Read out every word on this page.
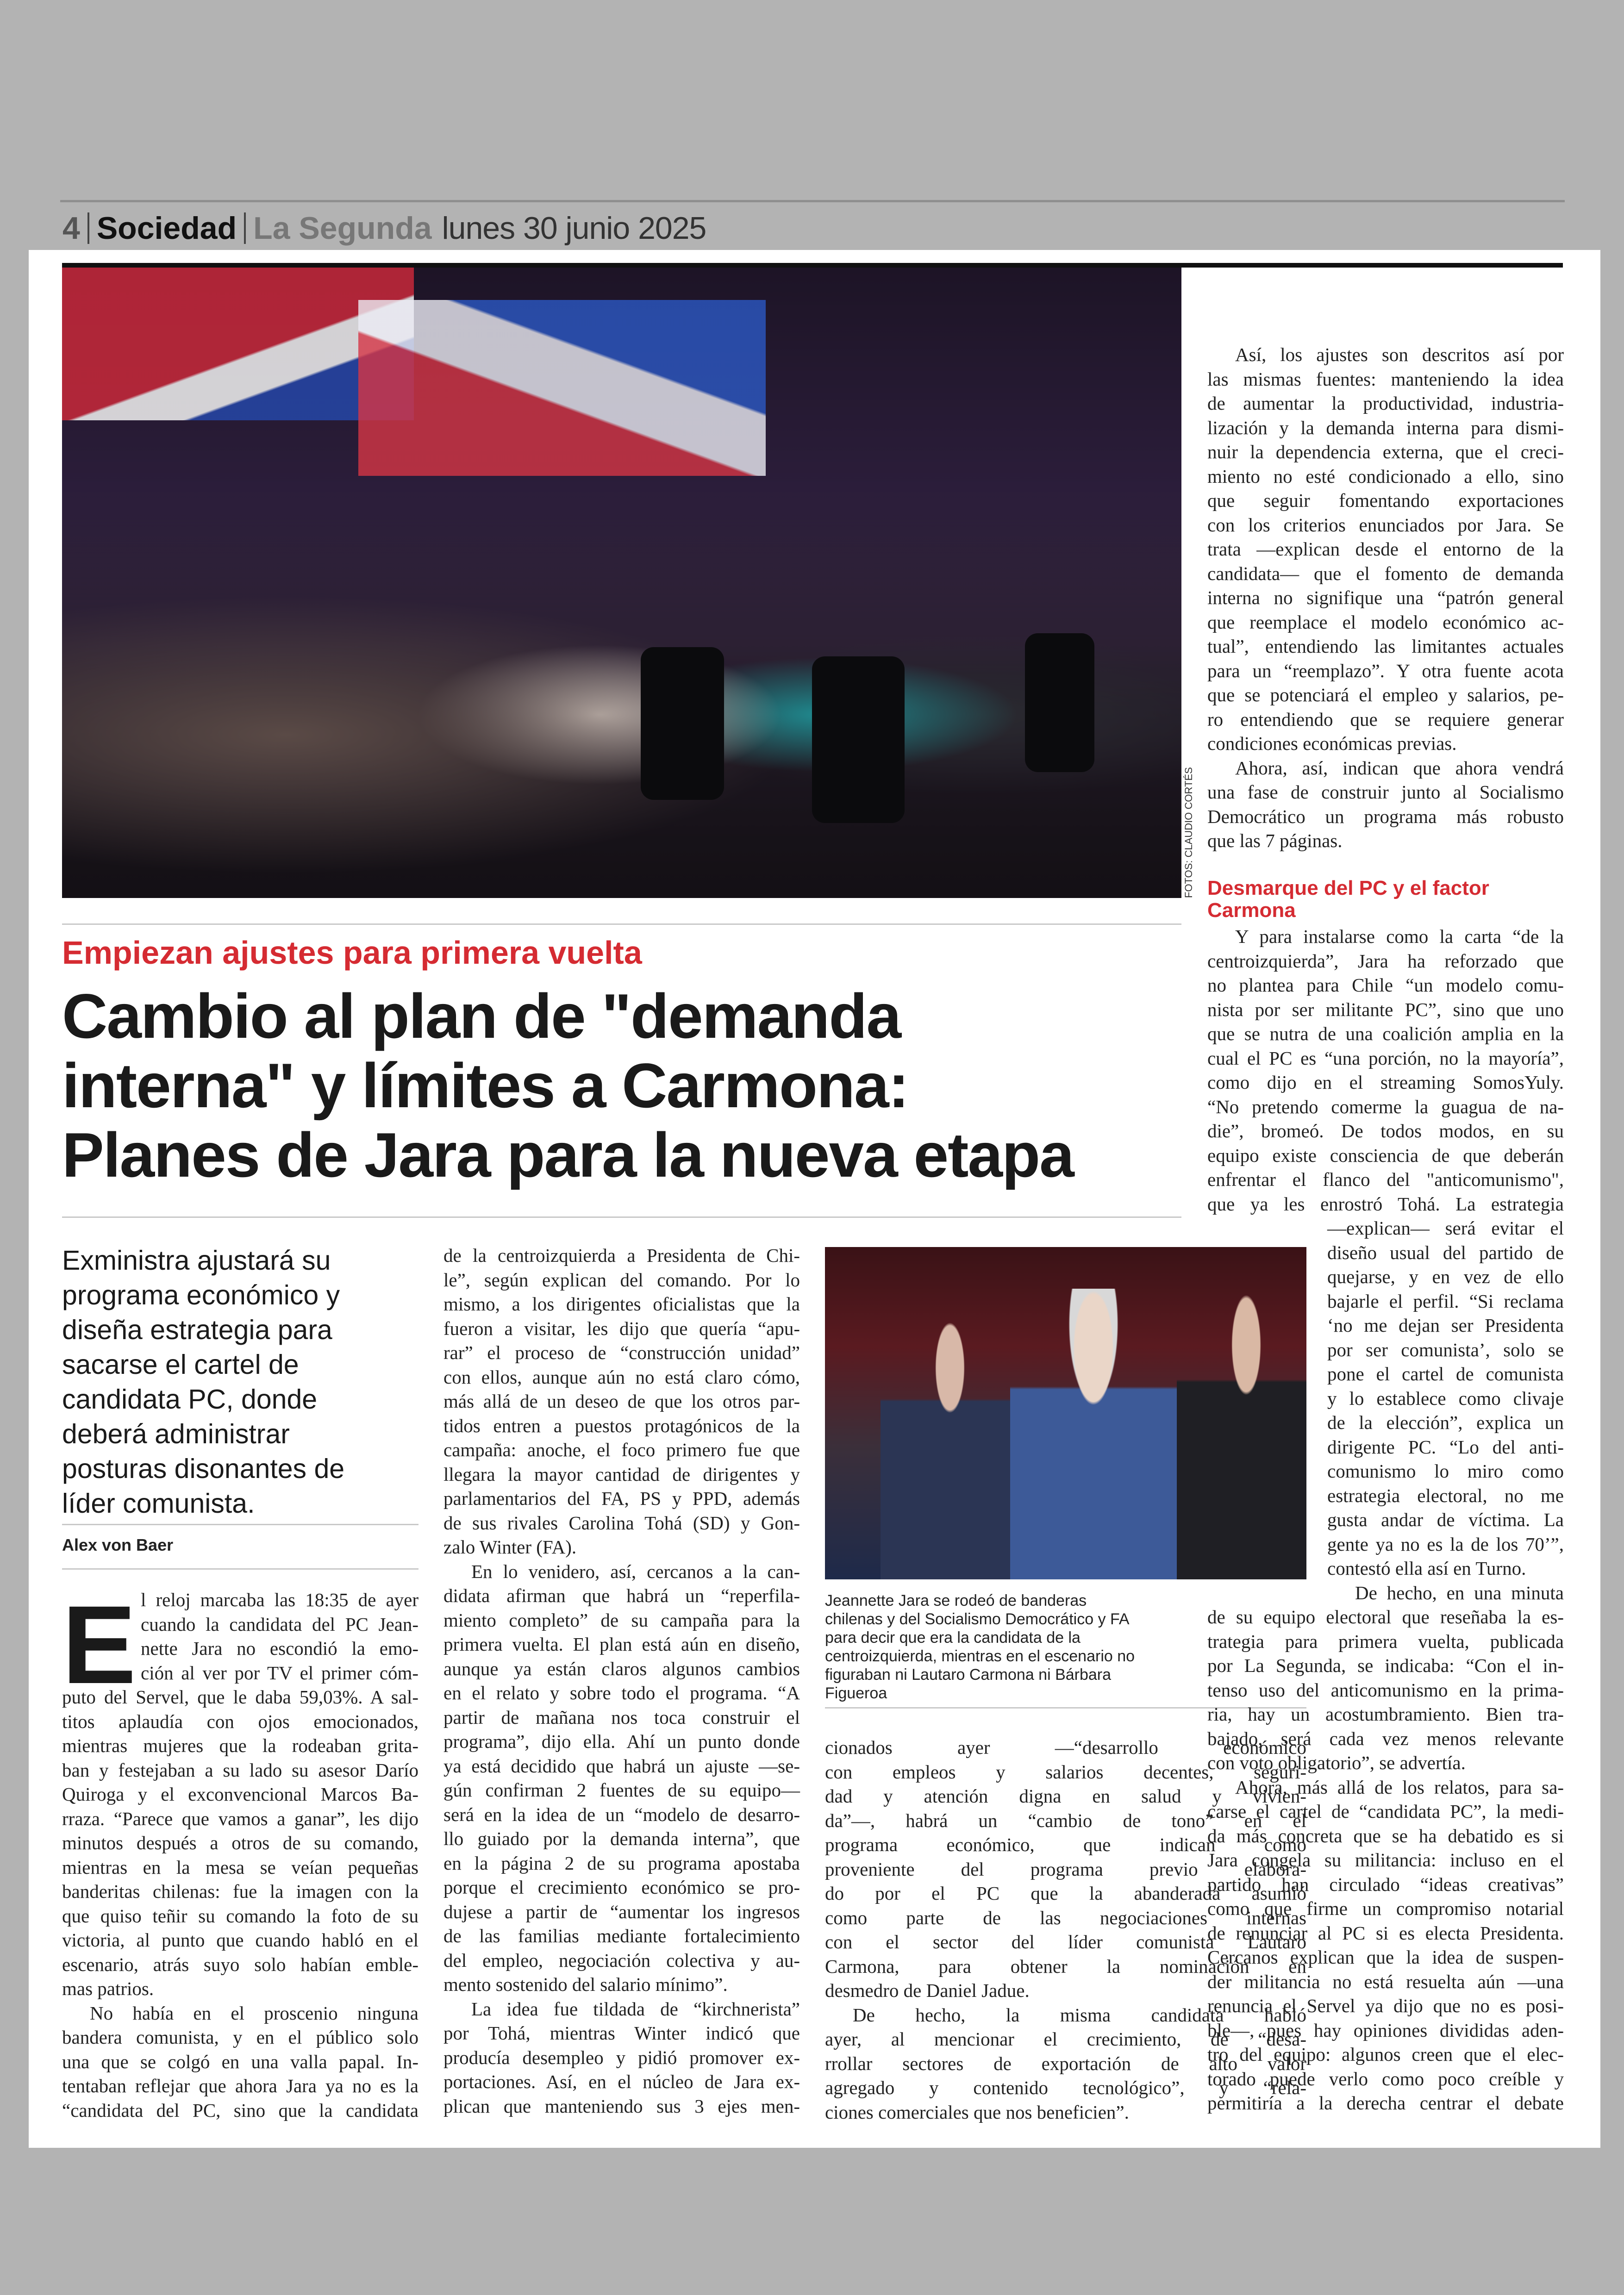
4 Sociedad La Segunda lunes 30 junio 2025
FOTOS: CLAUDIO CORTÉS
Empiezan ajustes para primera vuelta
Cambio al plan de "demanda
interna" y límites a Carmona:
Planes de Jara para la nueva etapa
Exministra ajustará su
programa económico y
diseña estrategia para
sacarse el cartel de
candidata PC, donde
deberá administrar
posturas disonantes de
líder comunista.
Alex von Baer
E l reloj marcaba las 18:35 de ayer
cuando la candidata del PC Jean-
nette Jara no escondió la emo-
ción al ver por TV el primer cóm-
puto del Servel, que le daba 59,03%. A sal-
titos aplaudía con ojos emocionados,
mientras mujeres que la rodeaban grita-
ban y festejaban a su lado su asesor Darío
Quiroga y el exconvencional Marcos Ba-
rraza. “Parece que vamos a ganar”, les dijo
minutos después a otros de su comando,
mientras en la mesa se veían pequeñas
banderitas chilenas: fue la imagen con la
que quiso teñir su comando la foto de su
victoria, al punto que cuando habló en el
escenario, atrás suyo solo habían emble-
mas patrios.
No había en el proscenio ninguna
bandera comunista, y en el público solo
una que se colgó en una valla papal. In-
tentaban reflejar que ahora Jara ya no es la
“candidata del PC, sino que la candidata
de la centroizquierda a Presidenta de Chi-
le”, según explican del comando. Por lo
mismo, a los dirigentes oficialistas que la
fueron a visitar, les dijo que quería “apu-
rar” el proceso de “construcción unidad”
con ellos, aunque aún no está claro cómo,
más allá de un deseo de que los otros par-
tidos entren a puestos protagónicos de la
campaña: anoche, el foco primero fue que
llegara la mayor cantidad de dirigentes y
parlamentarios del FA, PS y PPD, además
de sus rivales Carolina Tohá (SD) y Gon-
zalo Winter (FA).
En lo venidero, así, cercanos a la can-
didata afirman que habrá un “reperfila-
miento completo” de su campaña para la
primera vuelta. El plan está aún en diseño,
aunque ya están claros algunos cambios
en el relato y sobre todo el programa. “A
partir de mañana nos toca construir el
programa”, dijo ella. Ahí un punto donde
ya está decidido que habrá un ajuste —se-
gún confirman 2 fuentes de su equipo—
será en la idea de un “modelo de desarro-
llo guiado por la demanda interna”, que
en la página 2 de su programa apostaba
porque el crecimiento económico se pro-
dujese a partir de “aumentar los ingresos
de las familias mediante fortalecimiento
del empleo, negociación colectiva y au-
mento sostenido del salario mínimo”.
La idea fue tildada de “kirchnerista”
por Tohá, mientras Winter indicó que
producía desempleo y pidió promover ex-
portaciones. Así, en el núcleo de Jara ex-
plican que manteniendo sus 3 ejes men-
Jeannette Jara se rodeó de banderas
chilenas y del Socialismo Democrático y FA
para decir que era la candidata de la
centroizquierda, mientras en el escenario no
figuraban ni Lautaro Carmona ni Bárbara
Figueroa
cionados ayer —“desarrollo económico
con empleos y salarios decentes, seguri-
dad y atención digna en salud y vivien-
da”—, habrá un “cambio de tono” en el
programa económico, que indican como
proveniente del programa previo elabora-
do por el PC que la abanderada asumió
como parte de las negociaciones internas
con el sector del líder comunista Lautaro
Carmona, para obtener la nominación en
desmedro de Daniel Jadue.
De hecho, la misma candidata habló
ayer, al mencionar el crecimiento, de “desa-
rrollar sectores de exportación de alto valor
agregado y contenido tecnológico”, y “rela-
ciones comerciales que nos beneficien”.
Así, los ajustes son descritos así por
las mismas fuentes: manteniendo la idea
de aumentar la productividad, industria-
lización y la demanda interna para dismi-
nuir la dependencia externa, que el creci-
miento no esté condicionado a ello, sino
que seguir fomentando exportaciones
con los criterios enunciados por Jara. Se
trata —explican desde el entorno de la
candidata— que el fomento de demanda
interna no signifique una “patrón general
que reemplace el modelo económico ac-
tual”, entendiendo las limitantes actuales
para un “reemplazo”. Y otra fuente acota
que se potenciará el empleo y salarios, pe-
ro entendiendo que se requiere generar
condiciones económicas previas.
Ahora, así, indican que ahora vendrá
una fase de construir junto al Socialismo
Democrático un programa más robusto
que las 7 páginas.
Desmarque del PC y el factor
Carmona
Y para instalarse como la carta “de la
centroizquierda”, Jara ha reforzado que
no plantea para Chile “un modelo comu-
nista por ser militante PC”, sino que uno
que se nutra de una coalición amplia en la
cual el PC es “una porción, no la mayoría”,
como dijo en el streaming SomosYuly.
“No pretendo comerme la guagua de na-
die”, bromeó. De todos modos, en su
equipo existe consciencia de que deberán
enfrentar el flanco del "anticomunismo",
que ya les enrostró Tohá. La estrategia
—explican— será evitar el
diseño usual del partido de
quejarse, y en vez de ello
bajarle el perfil. “Si reclama
‘no me dejan ser Presidenta
por ser comunista’, solo se
pone el cartel de comunista
y lo establece como clivaje
de la elección”, explica un
dirigente PC. “Lo del anti-
comunismo lo miro como
estrategia electoral, no me
gusta andar de víctima. La
gente ya no es la de los 70’”,
contestó ella así en Turno.
De hecho, en una minuta
de su equipo electoral que reseñaba la es-
trategia para primera vuelta, publicada
por La Segunda, se indicaba: “Con el in-
tenso uso del anticomunismo en la prima-
ria, hay un acostumbramiento. Bien tra-
bajado, será cada vez menos relevante
con voto obligatorio”, se advertía.
Ahora, más allá de los relatos, para sa-
carse el cartel de “candidata PC”, la medi-
da más concreta que se ha debatido es si
Jara congela su militancia: incluso en el
partido han circulado “ideas creativas”
como que firme un compromiso notarial
de renunciar al PC si es electa Presidenta.
Cercanos explican que la idea de suspen-
der militancia no está resuelta aún —una
renuncia el Servel ya dijo que no es posi-
ble—, pues hay opiniones divididas aden-
tro del equipo: algunos creen que el elec-
torado puede verlo como poco creíble y
permitiría a la derecha centrar el debate
